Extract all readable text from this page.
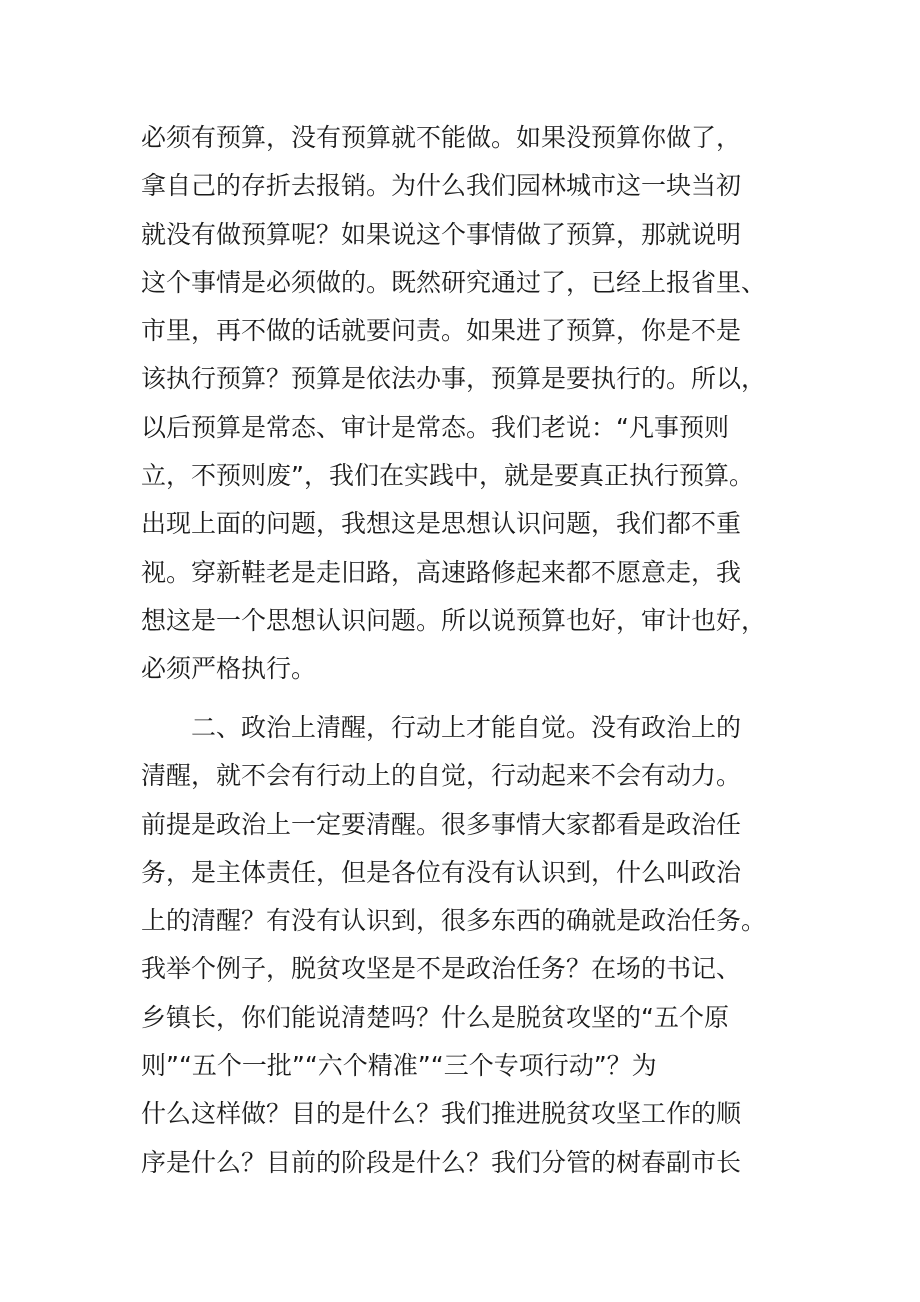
必须有预算，没有预算就不能做。如果没预算你做了，
拿自己的存折去报销。为什么我们园林城市这一块当初
就没有做预算呢？如果说这个事情做了预算，那就说明
这个事情是必须做的。既然研究通过了，已经上报省里、
市里，再不做的话就要问责。如果进了预算，你是不是
该执行预算？预算是依法办事，预算是要执行的。所以，
以后预算是常态、审计是常态。我们老说：“凡事预则
立，不预则废”，我们在实践中，就是要真正执行预算。
出现上面的问题，我想这是思想认识问题，我们都不重
视。穿新鞋老是走旧路，高速路修起来都不愿意走，我
想这是一个思想认识问题。所以说预算也好，审计也好，
必须严格执行。
　　二、政治上清醒，行动上才能自觉。没有政治上的
清醒，就不会有行动上的自觉，行动起来不会有动力。
前提是政治上一定要清醒。很多事情大家都看是政治任
务，是主体责任，但是各位有没有认识到，什么叫政治
上的清醒？有没有认识到，很多东西的确就是政治任务。
我举个例子，脱贫攻坚是不是政治任务？在场的书记、
乡镇长，你们能说清楚吗？什么是脱贫攻坚的“五个原
则”“五个一批”“六个精准”“三个专项行动”？为
什么这样做？目的是什么？我们推进脱贫攻坚工作的顺
序是什么？目前的阶段是什么？我们分管的树春副市长
